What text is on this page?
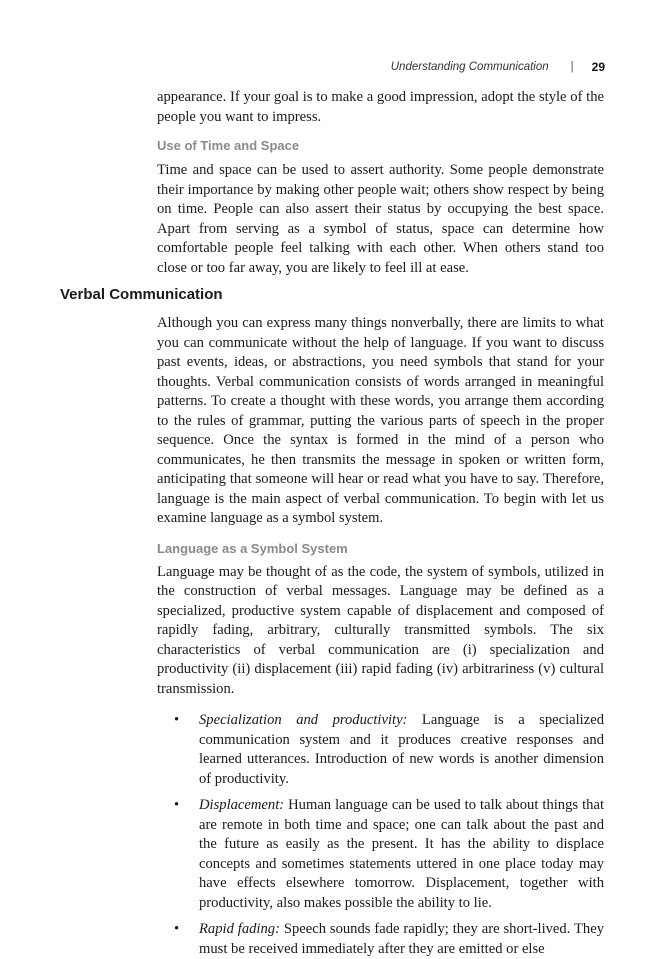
Understanding Communication | 29

appearance. If your goal is to make a good impression, adopt the style of the people you want to impress.

Use of Time and Space

Time and space can be used to assert authority. Some people demonstrate their importance by making other people wait; others show respect by being on time. People can also assert their status by occupying the best space. Apart from serving as a symbol of status, space can determine how comfortable people feel talking with each other. When others stand too close or too far away, you are likely to feel ill at ease.

Verbal Communication

Although you can express many things nonverbally, there are limits to what you can communicate without the help of language. If you want to discuss past events, ideas, or abstractions, you need symbols that stand for your thoughts. Verbal communication consists of words arranged in meaningful patterns. To create a thought with these words, you arrange them according to the rules of grammar, putting the various parts of speech in the proper sequence. Once the syntax is formed in the mind of a person who communicates, he then transmits the message in spoken or written form, anticipating that someone will hear or read what you have to say. Therefore, language is the main aspect of verbal communication. To begin with let us examine language as a symbol system.

Language as a Symbol System

Language may be thought of as the code, the system of symbols, utilized in the construction of verbal messages. Language may be defined as a specialized, productive system capable of displacement and composed of rapidly fading, arbitrary, culturally transmitted symbols. The six characteristics of verbal communication are (i) specialization and productivity (ii) displacement (iii) rapid fading (iv) arbitrariness (v) cultural transmission.

• Specialization and productivity: Language is a specialized communication system and it produces creative responses and learned utterances. Introduction of new words is another dimension of productivity.
• Displacement: Human language can be used to talk about things that are remote in both time and space; one can talk about the past and the future as easily as the present. It has the ability to displace concepts and sometimes statements uttered in one place today may have effects elsewhere tomorrow. Displacement, together with productivity, also makes possible the ability to lie.
• Rapid fading: Speech sounds fade rapidly; they are short-lived. They must be received immediately after they are emitted or else
